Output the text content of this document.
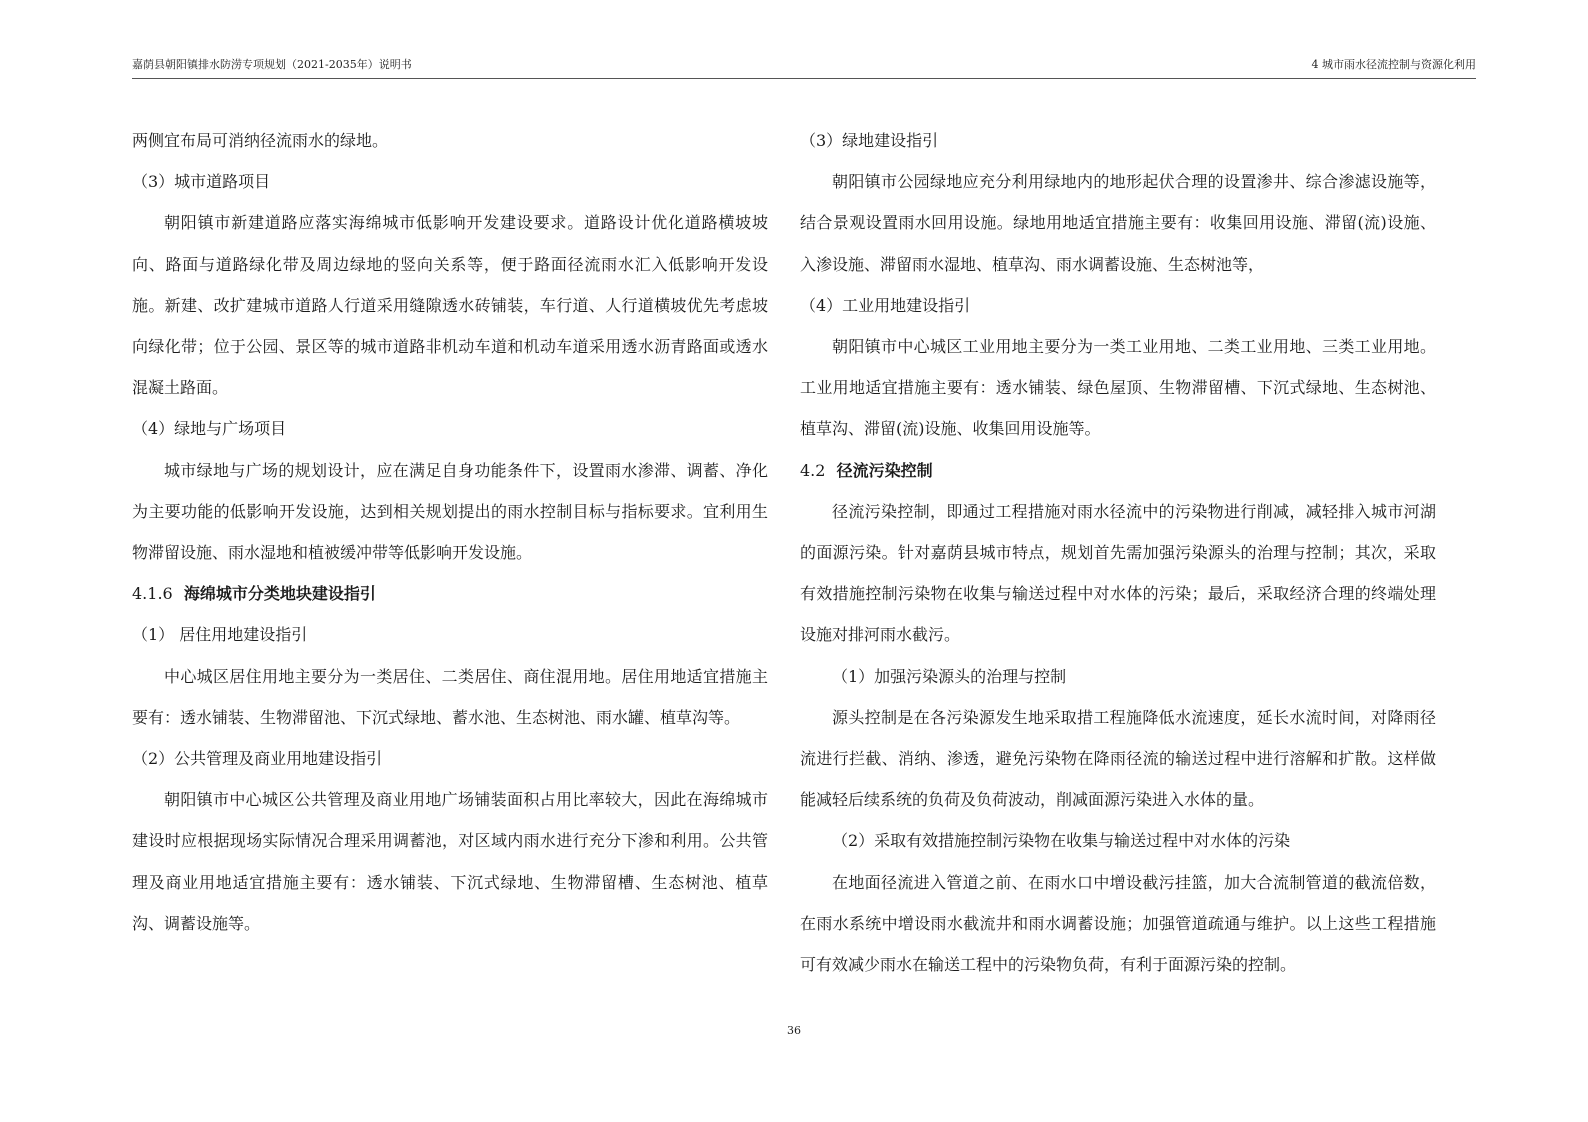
嘉荫县朝阳镇排水防涝专项规划（2021-2035年）说明书	4 城市雨水径流控制与资源化利用

两侧宜布局可消纳径流雨水的绿地。

（3）城市道路项目

朝阳镇市新建道路应落实海绵城市低影响开发建设要求。道路设计优化道路横坡坡向、路面与道路绿化带及周边绿地的竖向关系等，便于路面径流雨水汇入低影响开发设施。新建、改扩建城市道路人行道采用缝隙透水砖铺装，车行道、人行道横坡优先考虑坡向绿化带；位于公园、景区等的城市道路非机动车道和机动车道采用透水沥青路面或透水混凝土路面。

（4）绿地与广场项目

城市绿地与广场的规划设计，应在满足自身功能条件下，设置雨水渗滞、调蓄、净化为主要功能的低影响开发设施，达到相关规划提出的雨水控制目标与指标要求。宜利用生物滞留设施、雨水湿地和植被缓冲带等低影响开发设施。

4.1.6 海绵城市分类地块建设指引

（1） 居住用地建设指引

中心城区居住用地主要分为一类居住、二类居住、商住混用地。居住用地适宜措施主要有：透水铺装、生物滞留池、下沉式绿地、蓄水池、生态树池、雨水罐、植草沟等。

（2）公共管理及商业用地建设指引

朝阳镇市中心城区公共管理及商业用地广场铺装面积占用比率较大，因此在海绵城市建设时应根据现场实际情况合理采用调蓄池，对区域内雨水进行充分下渗和利用。公共管理及商业用地适宜措施主要有：透水铺装、下沉式绿地、生物滞留槽、生态树池、植草沟、调蓄设施等。

（3）绿地建设指引

朝阳镇市公园绿地应充分利用绿地内的地形起伏合理的设置渗井、综合渗滤设施等，结合景观设置雨水回用设施。绿地用地适宜措施主要有：收集回用设施、滞留(流)设施、入渗设施、滞留雨水湿地、植草沟、雨水调蓄设施、生态树池等，

（4）工业用地建设指引

朝阳镇市中心城区工业用地主要分为一类工业用地、二类工业用地、三类工业用地。工业用地适宜措施主要有：透水铺装、绿色屋顶、生物滞留槽、下沉式绿地、生态树池、植草沟、滞留(流)设施、收集回用设施等。

4.2 径流污染控制

径流污染控制，即通过工程措施对雨水径流中的污染物进行削减，减轻排入城市河湖的面源污染。针对嘉荫县城市特点，规划首先需加强污染源头的治理与控制；其次，采取有效措施控制污染物在收集与输送过程中对水体的污染；最后，采取经济合理的终端处理设施对排河雨水截污。

（1）加强污染源头的治理与控制

源头控制是在各污染源发生地采取措工程施降低水流速度，延长水流时间，对降雨径流进行拦截、消纳、渗透，避免污染物在降雨径流的输送过程中进行溶解和扩散。这样做能减轻后续系统的负荷及负荷波动，削减面源污染进入水体的量。

（2）采取有效措施控制污染物在收集与输送过程中对水体的污染

在地面径流进入管道之前、在雨水口中增设截污挂篮，加大合流制管道的截流倍数，在雨水系统中增设雨水截流井和雨水调蓄设施；加强管道疏通与维护。以上这些工程措施可有效减少雨水在输送工程中的污染物负荷，有利于面源污染的控制。

36
